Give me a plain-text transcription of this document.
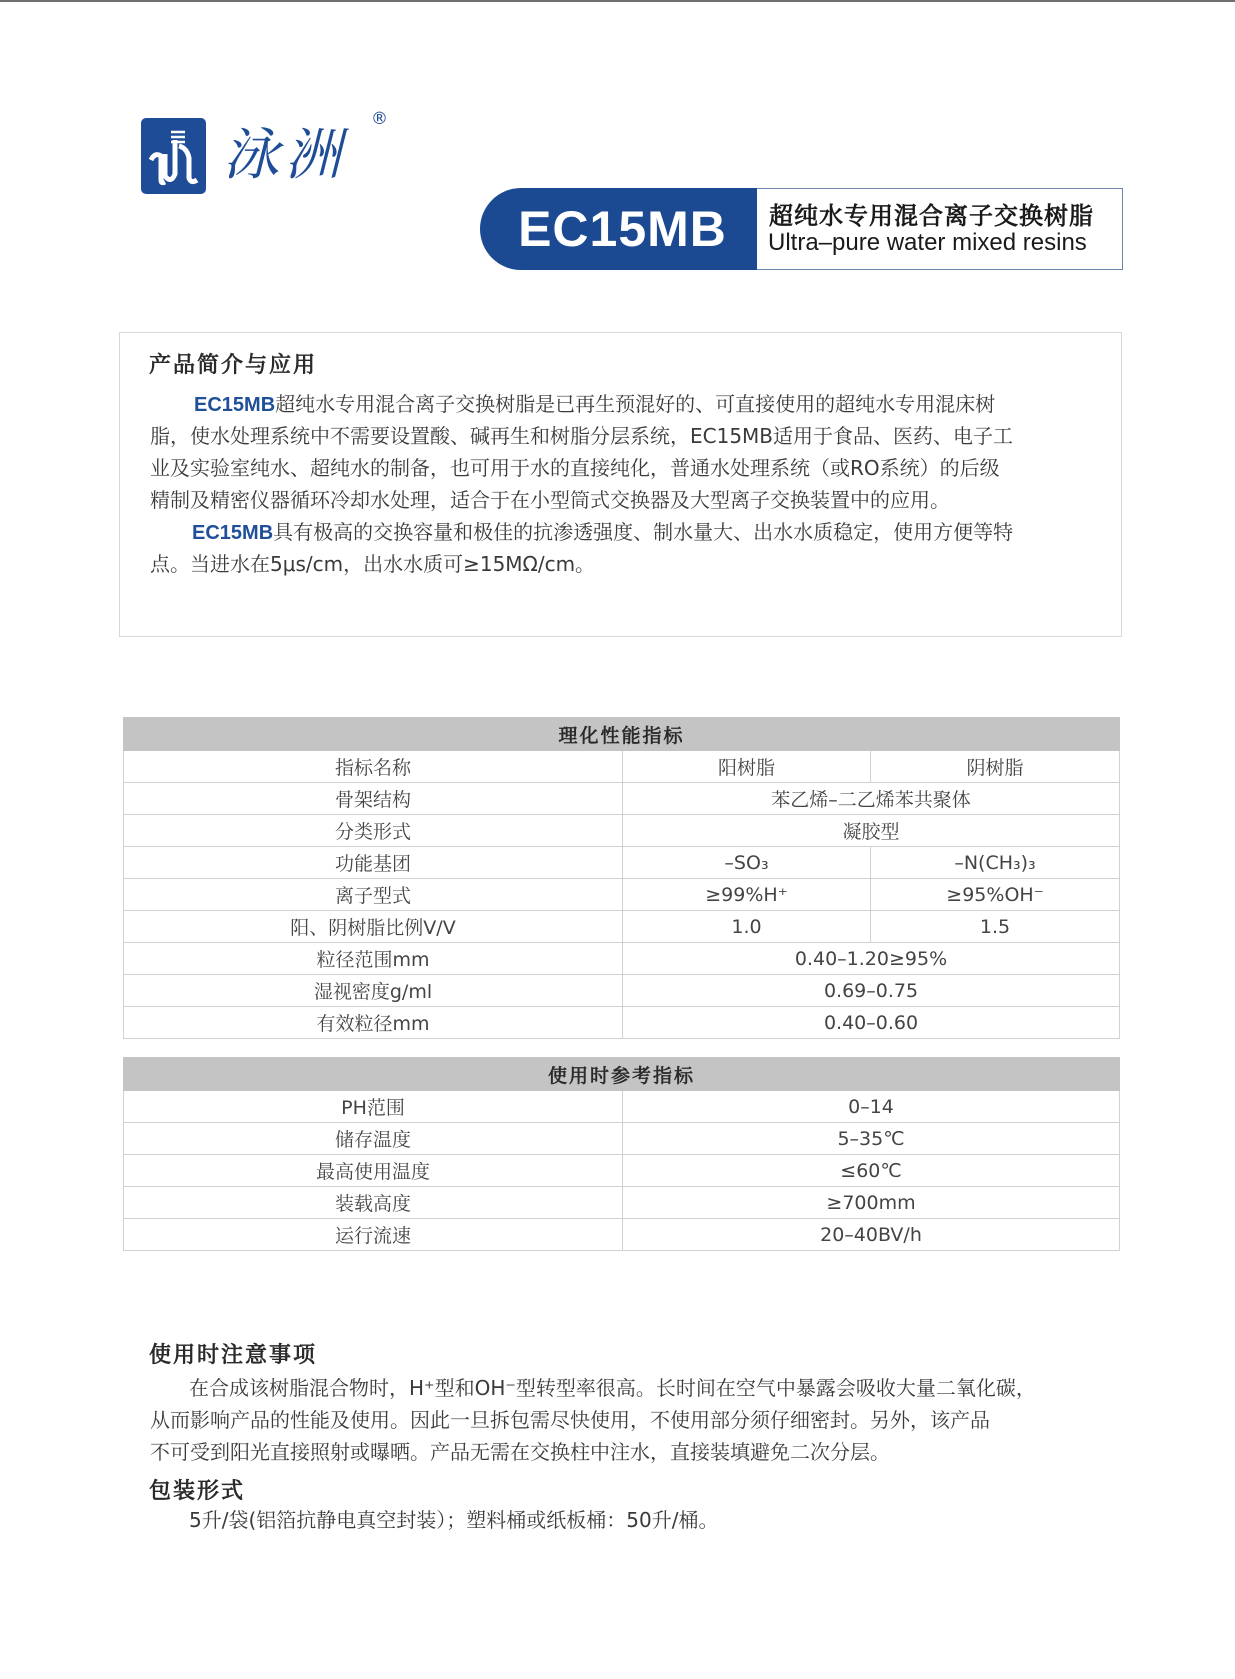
泳洲
®
EC15MB	超纯水专用混合离子交换树脂
Ultra–pure water mixed resins
产品简介与应用
EC15MB超纯水专用混合离子交换树脂是已再生预混好的、可直接使用的超纯水专用混床树
脂，使水处理系统中不需要设置酸、碱再生和树脂分层系统，EC15MB适用于食品、医药、电子工
业及实验室纯水、超纯水的制备，也可用于水的直接纯化，普通水处理系统（或RO系统）的后级
精制及精密仪器循环冷却水处理，适合于在小型筒式交换器及大型离子交换装置中的应用。
EC15MB具有极高的交换容量和极佳的抗渗透强度、制水量大、出水水质稳定，使用方便等特
点。当进水在5μs/cm，出水水质可≥15MΩ/cm。
理化性能指标		
指标名称	阳树脂	阴树脂
骨架结构	苯乙烯–二乙烯苯共聚体	
分类形式	凝胶型	
功能基团	–SO₃	–N(CH₃)₃
离子型式	≥99%H⁺	≥95%OH⁻
阳、阴树脂比例V/V	1.0	1.5
粒径范围mm	0.40–1.20≥95%	
湿视密度g/ml	0.69–0.75	
有效粒径mm	0.40–0.60	
使用时参考指标	
PH范围	0–14
储存温度	5–35℃
最高使用温度	≤60℃
装载高度	≥700mm
运行流速	20–40BV/h
使用时注意事项
在合成该树脂混合物时，H⁺型和OH⁻型转型率很高。长时间在空气中暴露会吸收大量二氧化碳，
从而影响产品的性能及使用。因此一旦拆包需尽快使用，不使用部分须仔细密封。另外，该产品
不可受到阳光直接照射或曝晒。产品无需在交换柱中注水，直接装填避免二次分层。
包装形式
5升/袋(铝箔抗静电真空封装）；塑料桶或纸板桶：50升/桶。
